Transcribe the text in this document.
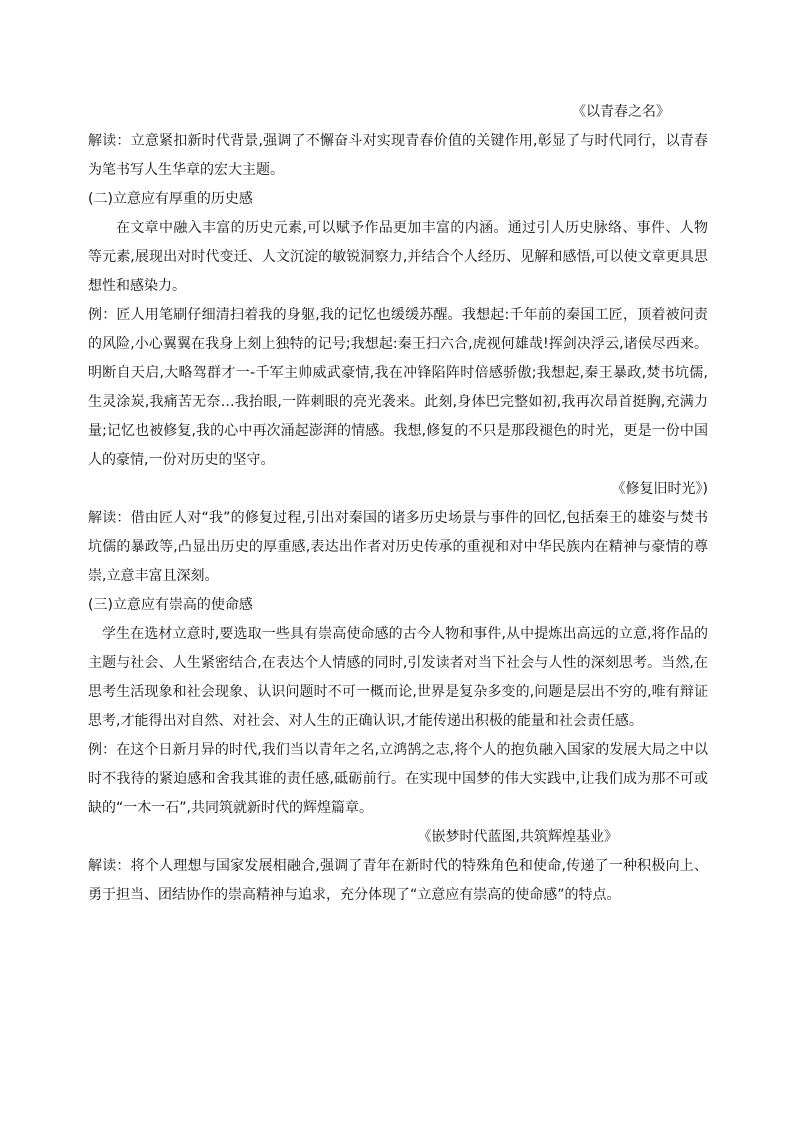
《以青春之名》

解读：立意紧扣新时代背景,强调了不懈奋斗对实现青春价值的关键作用,彰显了与时代同行，以青春为笔书写人生华章的宏大主题。

(二)立意应有厚重的历史感

在文章中融入丰富的历史元素,可以赋予作品更加丰富的内涵。通过引人历史脉络、事件、人物等元素,展现出对时代变迁、人文沉淀的敏锐洞察力,并结合个人经历、见解和感悟,可以使文章更具思想性和感染力。

例：匠人用笔刷仔细清扫着我的身躯,我的记忆也缓缓苏醒。我想起:千年前的秦国工匠，顶着被问责的风险,小心翼翼在我身上刻上独特的记号;我想起:秦王扫六合,虎视何雄哉!挥剑决浮云,诸侯尽西来。明断自天启,大略驾群才一-千军主帅威武豪情,我在冲锋陷阵时倍感骄傲;我想起,秦王暴政,焚书坑儒,生灵涂炭,我痛苦无奈…我抬眼,一阵刺眼的亮光袭来。此刻,身体巴完整如初,我再次昂首挺胸,充满力量;记忆也被修复,我的心中再次涌起澎湃的情感。我想,修复的不只是那段褪色的时光，更是一份中国人的豪情,一份对历史的坚守。

《修复旧时光》)

解读：借由匠人对“我”的修复过程,引出对秦国的诸多历史场景与事件的回忆,包括秦王的雄姿与焚书坑儒的暴政等,凸显出历史的厚重感,表达出作者对历史传承的重视和对中华民族内在精神与豪情的尊崇,立意丰富且深刻。

(三)立意应有崇高的使命感

学生在选材立意时,要选取一些具有崇高使命感的古今人物和事件,从中提炼出高远的立意,将作品的主题与社会、人生紧密结合,在表达个人情感的同时,引发读者对当下社会与人性的深刻思考。当然,在思考生活现象和社会现象、认识问题时不可一概而论,世界是复杂多变的,问题是层出不穷的,唯有辩证思考,才能得出对自然、对社会、对人生的正确认识,才能传递出积极的能量和社会责任感。

例：在这个日新月异的时代,我们当以青年之名,立鸿鹄之志,将个人的抱负融入国家的发展大局之中以时不我待的紧迫感和舍我其谁的责任感,砥砺前行。在实现中国梦的伟大实践中,让我们成为那不可或缺的“一木一石”,共同筑就新时代的辉煌篇章。

《嵌梦时代蓝图,共筑辉煌基业》

解读：将个人理想与国家发展相融合,强调了青年在新时代的特殊角色和使命,传递了一种积极向上、勇于担当、团结协作的崇高精神与追求，充分体现了“立意应有崇高的使命感”的特点。
